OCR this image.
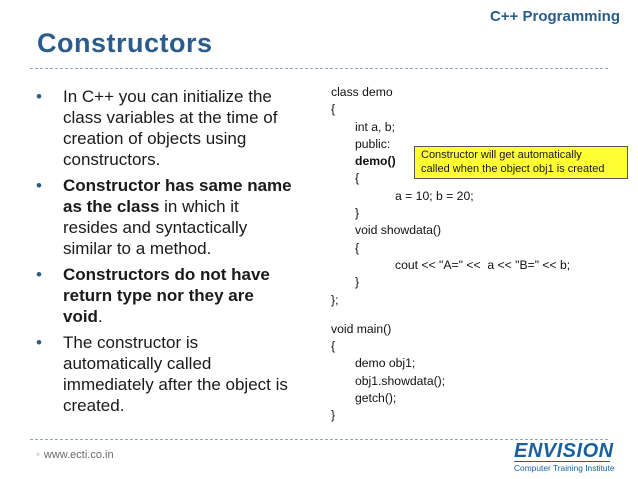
C++ Programming
Constructors
• In C++ you can initialize the class variables at the time of creation of objects using constructors.
• Constructor has same name as the class in which it resides and syntactically similar to a method.
• Constructors do not have return type nor they are void.
• The constructor is automatically called immediately after the object is created.
class demo
{
int a, b;
public:
demo()
{
a = 10; b = 20;
}
void showdata()
{
cout << "A=" <<  a << "B=" << b;
}
};
void main()
{
demo obj1;
obj1.showdata();
getch();
}
Constructor will get automatically
called when the object obj1 is created
◦ www.ecti.co.in	ENVISION
Computer Training Institute
